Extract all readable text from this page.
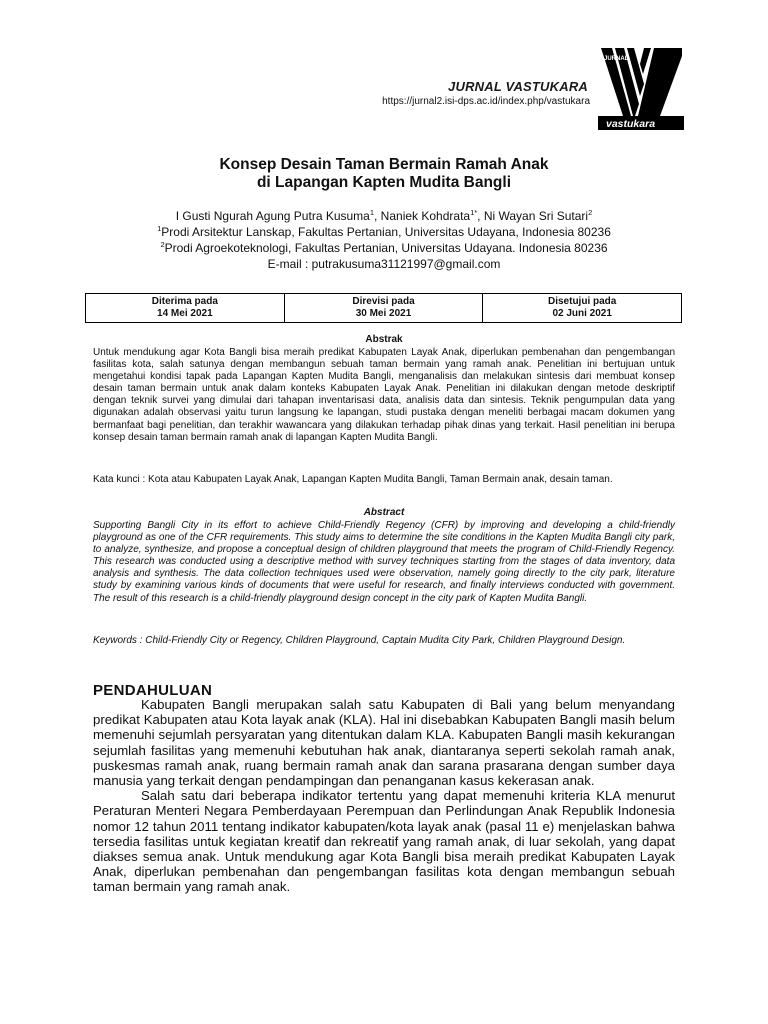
JURNAL VASTUKARA
https://jurnal2.isi-dps.ac.id/index.php/vastukara
JURNAL
vastukara
Konsep Desain Taman Bermain Ramah Anak
di Lapangan Kapten Mudita Bangli
I Gusti Ngurah Agung Putra Kusuma$^1$, Naniek Kohdrata$^{1*}$, Ni Wayan Sri Sutari$^2$
$^1$Prodi Arsitektur Lanskap, Fakultas Pertanian, Universitas Udayana, Indonesia 80236
$^2$Prodi Agroekoteknologi, Fakultas Pertanian, Universitas Udayana. Indonesia 80236
E-mail : putrakusuma31121997@gmail.com
Diterima pada
14 Mei 2021
Direvisi pada
30 Mei 2021
Disetujui pada
02 Juni 2021
Abstrak
Untuk mendukung agar Kota Bangli bisa meraih predikat Kabupaten Layak Anak, diperlukan pembenahan dan pengembangan fasilitas kota, salah satunya dengan membangun sebuah taman bermain yang ramah anak. Penelitian ini bertujuan untuk mengetahui kondisi tapak pada Lapangan Kapten Mudita Bangli, menganalisis dan melakukan sintesis dari membuat konsep desain taman bermain untuk anak dalam konteks Kabupaten Layak Anak. Penelitian ini dilakukan dengan metode deskriptif dengan teknik survei yang dimulai dari tahapan inventarisasi data, analisis data dan sintesis. Teknik pengumpulan data yang digunakan adalah observasi yaitu turun langsung ke lapangan, studi pustaka dengan meneliti berbagai macam dokumen yang bermanfaat bagi penelitian, dan terakhir wawancara yang dilakukan terhadap pihak dinas yang terkait. Hasil penelitian ini berupa konsep desain taman bermain ramah anak di lapangan Kapten Mudita Bangli.
Kata kunci : Kota atau Kabupaten Layak Anak, Lapangan Kapten Mudita Bangli, Taman Bermain anak, desain taman.
Abstract
Supporting Bangli City in its effort to achieve Child-Friendly Regency (CFR) by improving and developing a child-friendly playground as one of the CFR requirements. This study aims to determine the site conditions in the Kapten Mudita Bangli city park, to analyze, synthesize, and propose a conceptual design of children playground that meets the program of Child-Friendly Regency. This research was conducted using a descriptive method with survey techniques starting from the stages of data inventory, data analysis and synthesis. The data collection techniques used were observation, namely going directly to the city park, literature study by examining various kinds of documents that were useful for research, and finally interviews conducted with government. The result of this research is a child-friendly playground design concept in the city park of Kapten Mudita Bangli.
Keywords : Child-Friendly City or Regency, Children Playground, Captain Mudita City Park, Children Playground Design.
PENDAHULUAN

Kabupaten Bangli merupakan salah satu Kabupaten di Bali yang belum menyandang predikat Kabupaten atau Kota layak anak (KLA). Hal ini disebabkan Kabupaten Bangli masih belum memenuhi sejumlah persyaratan yang ditentukan dalam KLA. Kabupaten Bangli masih kekurangan sejumlah fasilitas yang memenuhi kebutuhan hak anak, diantaranya seperti sekolah ramah anak, puskesmas ramah anak, ruang bermain ramah anak dan sarana prasarana dengan sumber daya manusia yang terkait dengan pendampingan dan penanganan kasus kekerasan anak.

Salah satu dari beberapa indikator tertentu yang dapat memenuhi kriteria KLA menurut Peraturan Menteri Negara Pemberdayaan Perempuan dan Perlindungan Anak Republik Indonesia nomor 12 tahun 2011 tentang indikator kabupaten/kota layak anak (pasal 11 e) menjelaskan bahwa tersedia fasilitas untuk kegiatan kreatif dan rekreatif yang ramah anak, di luar sekolah, yang dapat diakses semua anak. Untuk mendukung agar Kota Bangli bisa meraih predikat Kabupaten Layak Anak, diperlukan pembenahan dan pengembangan fasilitas kota dengan membangun sebuah taman bermain yang ramah anak.
